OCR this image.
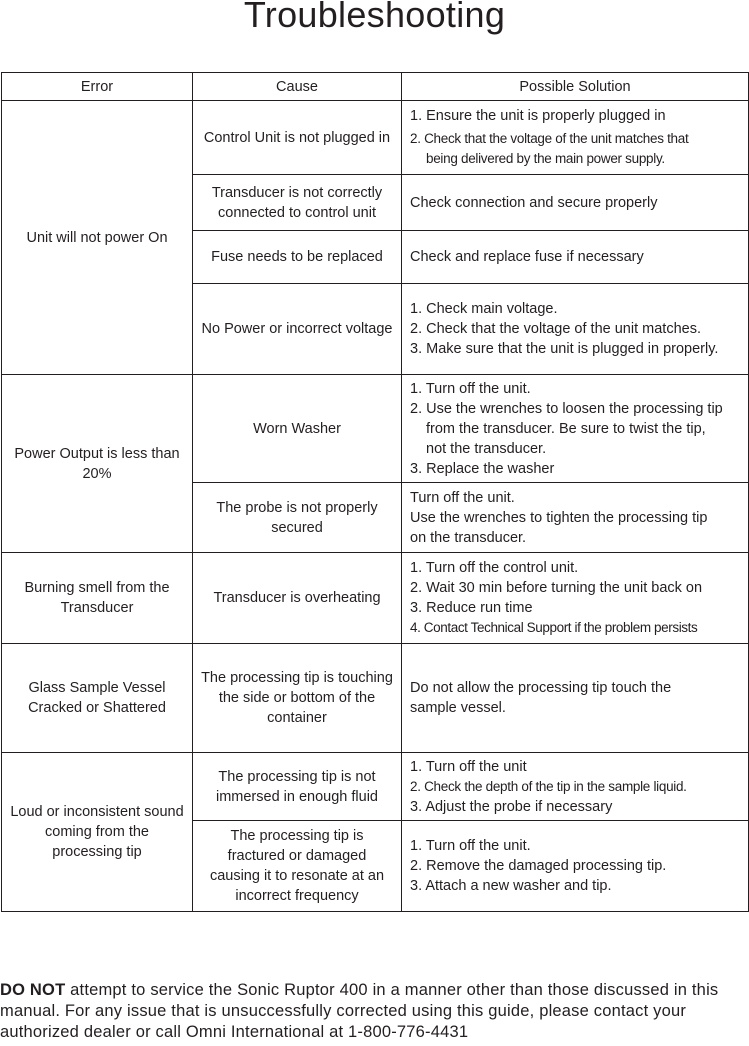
Troubleshooting
Error	Cause	Possible Solution
Unit will not power On	Control Unit is not plugged in	1. Ensure the unit is properly plugged in
2. Check that the voltage of the unit matches that
being delivered by the main power supply.

	Transducer is not correctly connected to control unit	Check connection and secure properly

	Fuse needs to be replaced	Check and replace fuse if necessary

	No Power or incorrect voltage	1. Check main voltage.
2. Check that the voltage of the unit matches.
3. Make sure that the unit is plugged in properly.

Power Output is less than 20%	Worn Washer	1. Turn off the unit.
2. Use the wrenches to loosen the processing tip
from the transducer. Be sure to twist the tip,
not the transducer.
3. Replace the washer

	The probe is not properly secured	Turn off the unit.
Use the wrenches to tighten the processing tip
on the transducer.

Burning smell from the Transducer	Transducer is overheating	1. Turn off the control unit.
2. Wait 30 min before turning the unit back on
3. Reduce run time
4. Contact Technical Support if the problem persists

Glass Sample Vessel Cracked or Shattered	The processing tip is touching the side or bottom of the container	Do not allow the processing tip touch the sample vessel.

Loud or inconsistent sound coming from the processing tip	The processing tip is not immersed in enough fluid	1. Turn off the unit
2. Check the depth of the tip in the sample liquid.
3. Adjust the probe if necessary

	The processing tip is fractured or damaged causing it to resonate at an incorrect frequency	1. Turn off the unit.
2. Remove the damaged processing tip.
3. Attach a new washer and tip.
DO NOT attempt to service the Sonic Ruptor 400 in a manner other than those discussed in this manual. For any issue that is unsuccessfully corrected using this guide, please contact your authorized dealer or call Omni International at 1-800-776-4431
